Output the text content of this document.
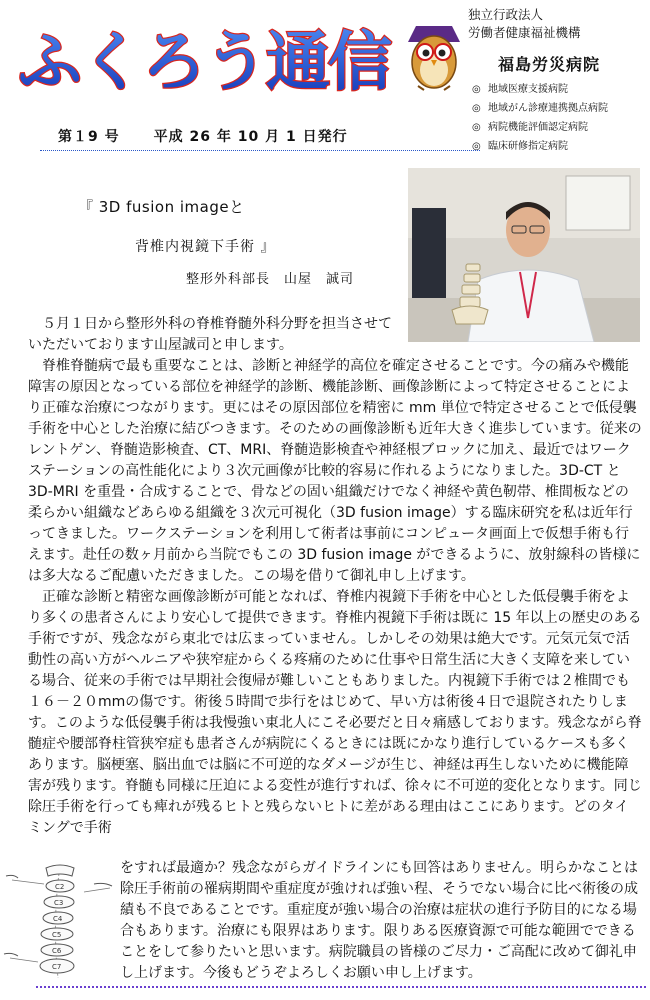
ふくろう通信
独立行政法人
労働者健康福祉機構
福島労災病院
◎ 地域医療支援病院
◎ 地域がん診療連携拠点病院
◎ 病院機能評価認定病院
◎ 臨床研修指定病院
第１9 号 平成 26 年 10 月 1 日発行
『 3D fusion imageと
背椎内視鏡下手術 』
整形外科部長　山屋　誠司

５月１日から整形外科の脊椎脊髄外科分野を担当させていただいております山屋誠司と申します。

脊椎脊髄病で最も重要なことは、診断と神経学的高位を確定させることです。今の痛みや機能障害の原因となっている部位を神経学的診断、機能診断、画像診断によって特定させることにより正確な治療につながります。更にはその原因部位を精密に mm 単位で特定させることで低侵襲手術を中心とした治療に結びつきます。そのための画像診断も近年大きく進歩しています。従来のレントゲン、脊髄造影検査、CT、MRI、脊髄造影検査や神経根ブロックに加え、最近ではワークステーションの高性能化により３次元画像が比較的容易に作れるようになりました。3D-CT と 3D-MRI を重畳・合成することで、骨などの固い組織だけでなく神経や黄色靭帯、椎間板などの柔らかい組織などあらゆる組織を３次元可視化（3D fusion image）する臨床研究を私は近年行ってきました。ワークステーションを利用して術者は事前にコンピュータ画面上で仮想手術も行えます。赴任の数ヶ月前から当院でもこの 3D fusion image ができるように、放射線科の皆様には多大なるご配慮いただきました。この場を借りて御礼申し上げます。

正確な診断と精密な画像診断が可能となれば、脊椎内視鏡下手術を中心とした低侵襲手術をより多くの患者さんにより安心して提供できます。脊椎内視鏡下手術は既に 15 年以上の歴史のある手術ですが、残念ながら東北では広まっていません。しかしその効果は絶大です。元気元気で活動性の高い方がヘルニアや狭窄症からくる疼痛のために仕事や日常生活に大きく支障を来している場合、従来の手術では早期社会復帰が難しいこともありました。内視鏡下手術では２椎間でも１６－２０mmの傷です。術後５時間で歩行をはじめて、早い方は術後４日で退院されたりします。このような低侵襲手術は我慢強い東北人にこそ必要だと日々痛感しております。残念ながら脊髄症や腰部脊柱管狭窄症も患者さんが病院にくるときには既にかなり進行しているケースも多くあります。脳梗塞、脳出血では脳に不可逆的なダメージが生じ、神経は再生しないために機能障害が残ります。脊髄も同様に圧迫による変性が進行すれば、徐々に不可逆的変化となります。同じ除圧手術を行っても痺れが残るヒトと残らないヒトに差がある理由はここにあります。どのタイミングで手術

をすれば最適か？残念ながらガイドラインにも回答はありません。明らかなことは除圧手術前の罹病期間や重症度が強ければ強い程、そうでない場合に比べ術後の成績も不良であることです。重症度が強い場合の治療は症状の進行予防目的になる場合もあります。治療にも限界はあります。限りある医療資源で可能な範囲でできることをして参りたいと思います。病院職員の皆様のご尽力・ご高配に改めて御礼申し上げます。今後もどうぞよろしくお願い申し上げます。

C2
C3
C4
C5
C6
C7
